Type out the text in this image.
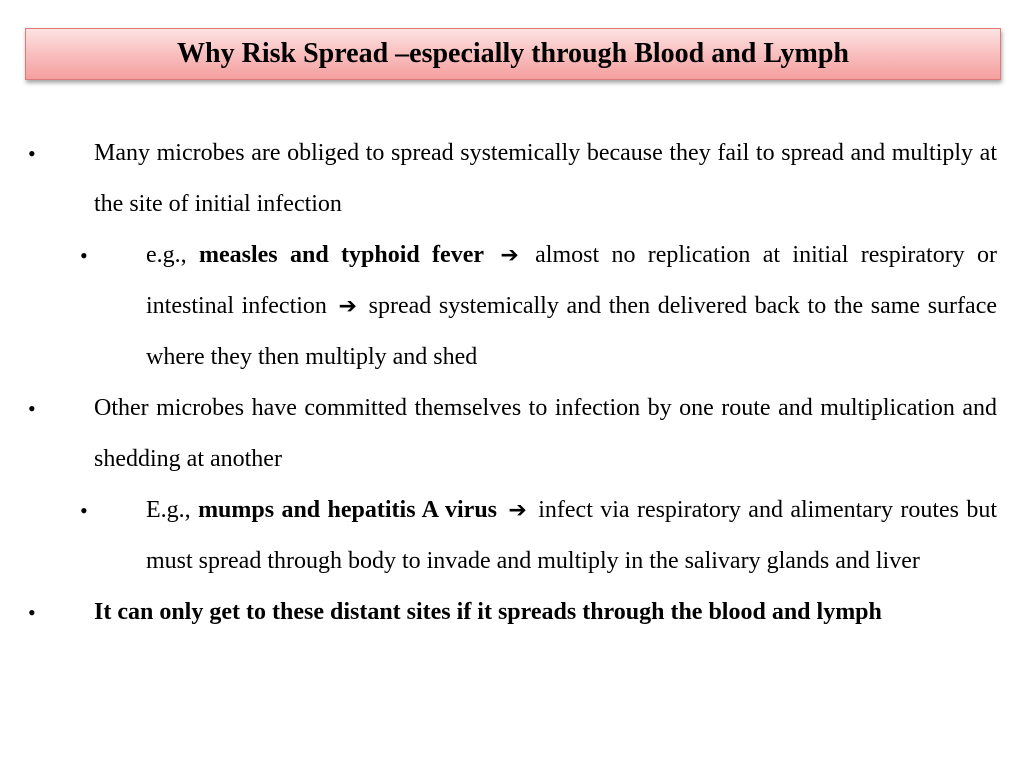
Why Risk Spread –especially through Blood and Lymph
• Many microbes are obliged to spread systemically because they fail to spread and multiply at the site of initial infection
• e.g., measles and typhoid fever ➔ almost no replication at initial respiratory or intestinal infection ➔ spread systemically and then delivered back to the same surface where they then multiply and shed
• Other microbes have committed themselves to infection by one route and multiplication and shedding at another
• E.g., mumps and hepatitis A virus ➔ infect via respiratory and alimentary routes but must spread through body to invade and multiply in the salivary glands and liver
• It can only get to these distant sites if it spreads through the blood and lymph
